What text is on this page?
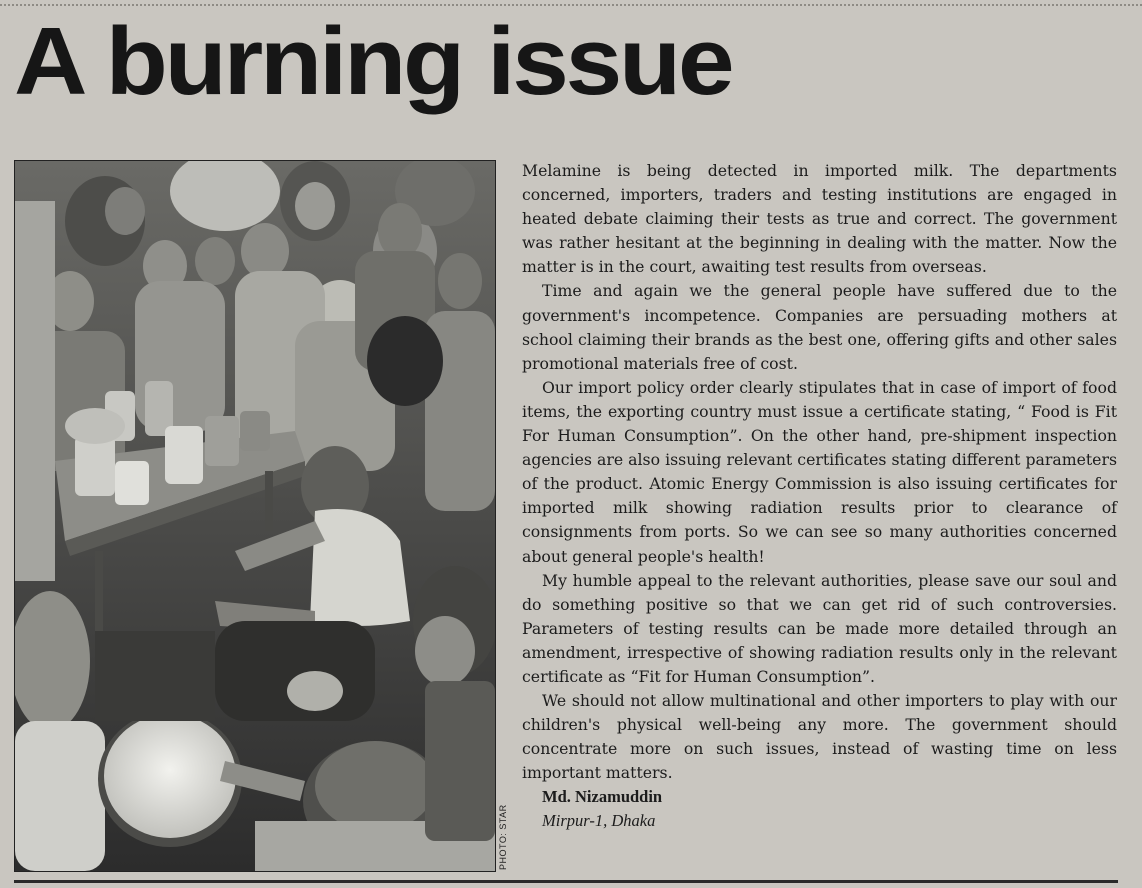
A burning issue
PHOTO: STAR

Melamine is being detected in imported milk. The departments concerned, importers, traders and testing institutions are engaged in heated debate claiming their tests as true and correct. The government was rather hesitant at the beginning in dealing with the matter. Now the matter is in the court, awaiting test results from overseas.

Time and again we the general people have suffered due to the government's incompetence. Companies are persuading mothers at school claiming their brands as the best one, offering gifts and other sales promotional materials free of cost.

Our import policy order clearly stipulates that in case of import of food items, the exporting country must issue a certificate stating, “ Food is Fit For Human Consumption”. On the other hand, pre-shipment inspection agencies are also issuing relevant certificates stating different parameters of the product. Atomic Energy Commission is also issuing certificates for imported milk showing radiation results prior to clearance of consignments from ports. So we can see so many authorities concerned about general people's health!

My humble appeal to the relevant authorities, please save our soul and do something positive so that we can get rid of such controversies. Parameters of testing results can be made more detailed through an amendment, irrespective of showing radiation results only in the relevant certificate as “Fit for Human Consumption”.

We should not allow multinational and other importers to play with our children's physical well-being any more. The government should concentrate more on such issues, instead of wasting time on less important matters.

Md. Nizamuddin

Mirpur-1, Dhaka
